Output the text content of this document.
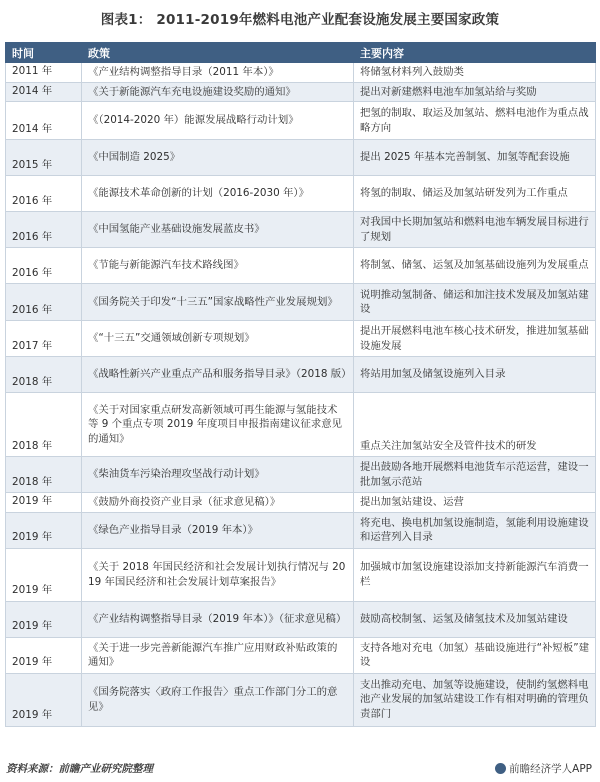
图表1： 2011-2019年燃料电池产业配套设施发展主要国家政策
时间	政策	主要内容
2011 年	《产业结构调整指导目录（2011 年本）》	将储氢材料列入鼓励类
2014 年	《关于新能源汽车充电设施建设奖励的通知》	提出对新建燃料电池车加氢站给与奖励
2014 年	《（2014-2020 年）能源发展战略行动计划》	把氢的制取、取运及加氢站、燃料电池作为重点战略方向
2015 年	《中国制造 2025》	提出 2025 年基本完善制氢、加氢等配套设施
2016 年	《能源技术革命创新的计划（2016-2030 年）》	将氢的制取、储运及加氢站研发列为工作重点
2016 年	《中国氢能产业基础设施发展蓝皮书》	对我国中长期加氢站和燃料电池车辆发展目标进行了规划
2016 年	《节能与新能源汽车技术路线图》	将制氢、储氢、运氢及加氢基础设施列为发展重点
2016 年	《国务院关于印发“十三五”国家战略性产业发展规划》	说明推动氢制备、储运和加注技术发展及加氢站建设
2017 年	《“十三五”交通领域创新专项规划》	提出开展燃料电池车核心技术研发，推进加氢基础设施发展
2018 年	《战略性新兴产业重点产品和服务指导目录》（2018 版）	将站用加氢及储氢设施列入目录
2018 年	《关于对国家重点研发高新领域可再生能源与氢能技术等 9 个重点专项 2019 年度项目申报指南建议征求意见的通知》	重点关注加氢站安全及管件技术的研发
2018 年	《柴油货车污染治理攻坚战行动计划》	提出鼓励各地开展燃料电池货车示范运营，建设一批加氢示范站
2019 年	《鼓励外商投资产业目录（征求意见稿）》	提出加氢站建设、运营
2019 年	《绿色产业指导目录（2019 年本）》	将充电、换电机加氢设施制造，氢能利用设施建设和运营列入目录
2019 年	《关于 2018 年国民经济和社会发展计划执行情况与 2019 年国民经济和社会发展计划草案报告》	加强城市加氢设施建设添加支持新能源汽车消费一栏
2019 年	《产业结构调整指导目录（2019 年本）》（征求意见稿）	鼓励高校制氢、运氢及储氢技术及加氢站建设
2019 年	《关于进一步完善新能源汽车推广应用财政补贴政策的通知》	支持各地对充电（加氢）基础设施进行“补短板”建设
2019 年	《国务院落实〈政府工作报告〉重点工作部门分工的意见》	支出推动充电、加氢等设施建设，使制约氢燃料电池产业发展的加氢站建设工作有相对明确的管理负责部门
资料来源：前瞻产业研究院整理	前瞻经济学人APP
